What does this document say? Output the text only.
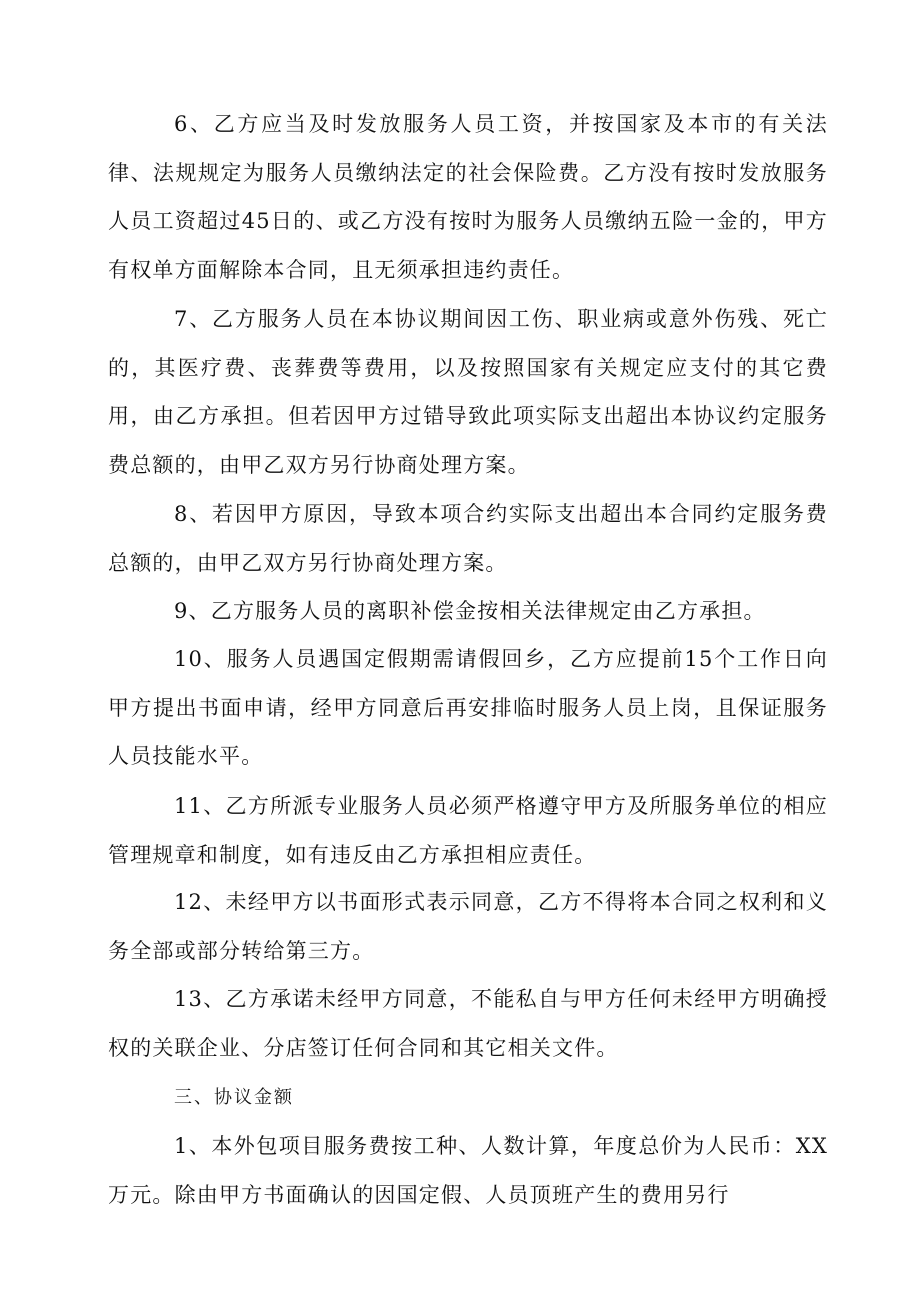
6、乙方应当及时发放服务人员工资，并按国家及本市的有关法律、法规规定为服务人员缴纳法定的社会保险费。乙方没有按时发放服务人员工资超过45日的、或乙方没有按时为服务人员缴纳五险一金的，甲方有权单方面解除本合同，且无须承担违约责任。

7、乙方服务人员在本协议期间因工伤、职业病或意外伤残、死亡的，其医疗费、丧葬费等费用，以及按照国家有关规定应支付的其它费用，由乙方承担。但若因甲方过错导致此项实际支出超出本协议约定服务费总额的，由甲乙双方另行协商处理方案。

8、若因甲方原因，导致本项合约实际支出超出本合同约定服务费总额的，由甲乙双方另行协商处理方案。

9、乙方服务人员的离职补偿金按相关法律规定由乙方承担。

10、服务人员遇国定假期需请假回乡，乙方应提前15个工作日向甲方提出书面申请，经甲方同意后再安排临时服务人员上岗，且保证服务人员技能水平。

11、乙方所派专业服务人员必须严格遵守甲方及所服务单位的相应管理规章和制度，如有违反由乙方承担相应责任。

12、未经甲方以书面形式表示同意，乙方不得将本合同之权利和义务全部或部分转给第三方。

13、乙方承诺未经甲方同意，不能私自与甲方任何未经甲方明确授权的关联企业、分店签订任何合同和其它相关文件。

三、协议金额

1、本外包项目服务费按工种、人数计算，年度总价为人民币：XX万元。除由甲方书面确认的因国定假、人员顶班产生的费用另行
